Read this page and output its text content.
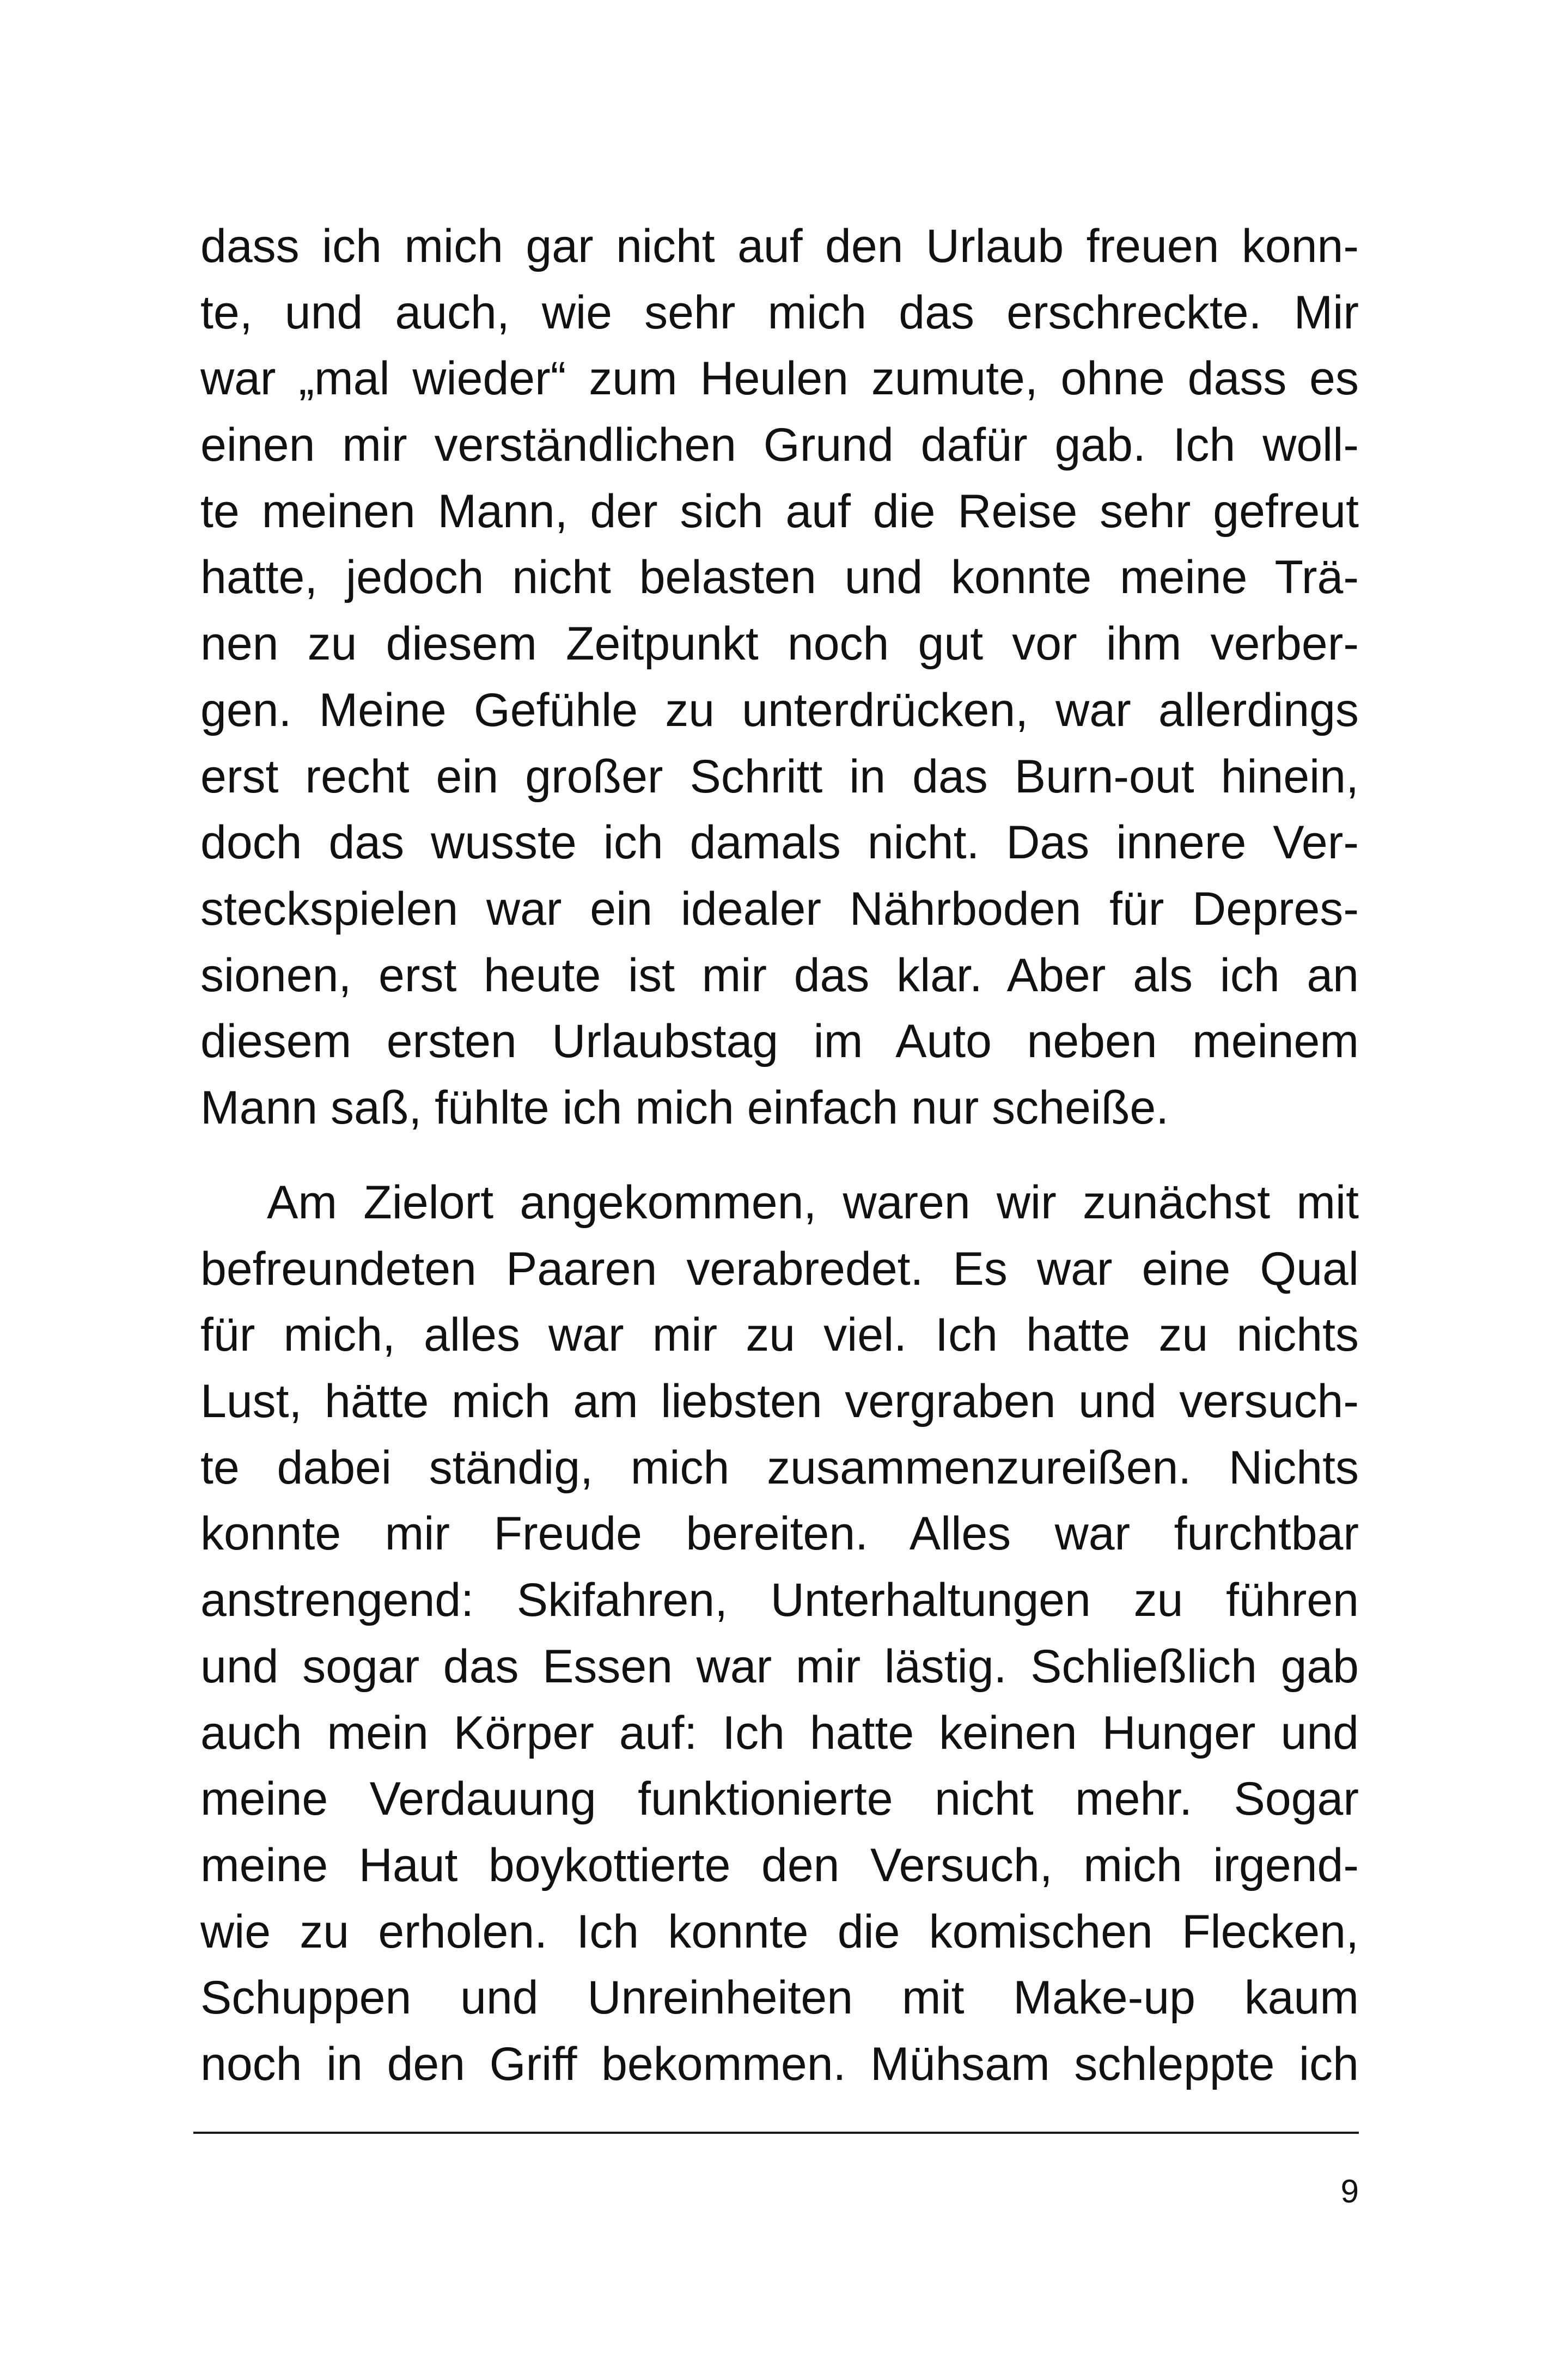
dass ich mich gar nicht auf den Urlaub freuen konn-
te, und auch, wie sehr mich das erschreckte. Mir
war „mal wieder“ zum Heulen zumute, ohne dass es
einen mir verständlichen Grund dafür gab. Ich woll-
te meinen Mann, der sich auf die Reise sehr gefreut
hatte, jedoch nicht belasten und konnte meine Trä-
nen zu diesem Zeitpunkt noch gut vor ihm verber-
gen. Meine Gefühle zu unterdrücken, war allerdings
erst recht ein großer Schritt in das Burn-out hinein,
doch das wusste ich damals nicht. Das innere Ver-
steckspielen war ein idealer Nährboden für Depres-
sionen, erst heute ist mir das klar. Aber als ich an
diesem ersten Urlaubstag im Auto neben meinem
Mann saß, fühlte ich mich einfach nur scheiße.
Am Zielort angekommen, waren wir zunächst mit
befreundeten Paaren verabredet. Es war eine Qual
für mich, alles war mir zu viel. Ich hatte zu nichts
Lust, hätte mich am liebsten vergraben und versuch-
te dabei ständig, mich zusammenzureißen. Nichts
konnte mir Freude bereiten. Alles war furchtbar
anstrengend: Skifahren, Unterhaltungen zu führen
und sogar das Essen war mir lästig. Schließlich gab
auch mein Körper auf: Ich hatte keinen Hunger und
meine Verdauung funktionierte nicht mehr. Sogar
meine Haut boykottierte den Versuch, mich irgend-
wie zu erholen. Ich konnte die komischen Flecken,
Schuppen und Unreinheiten mit Make-up kaum
noch in den Griff bekommen. Mühsam schleppte ich
9
